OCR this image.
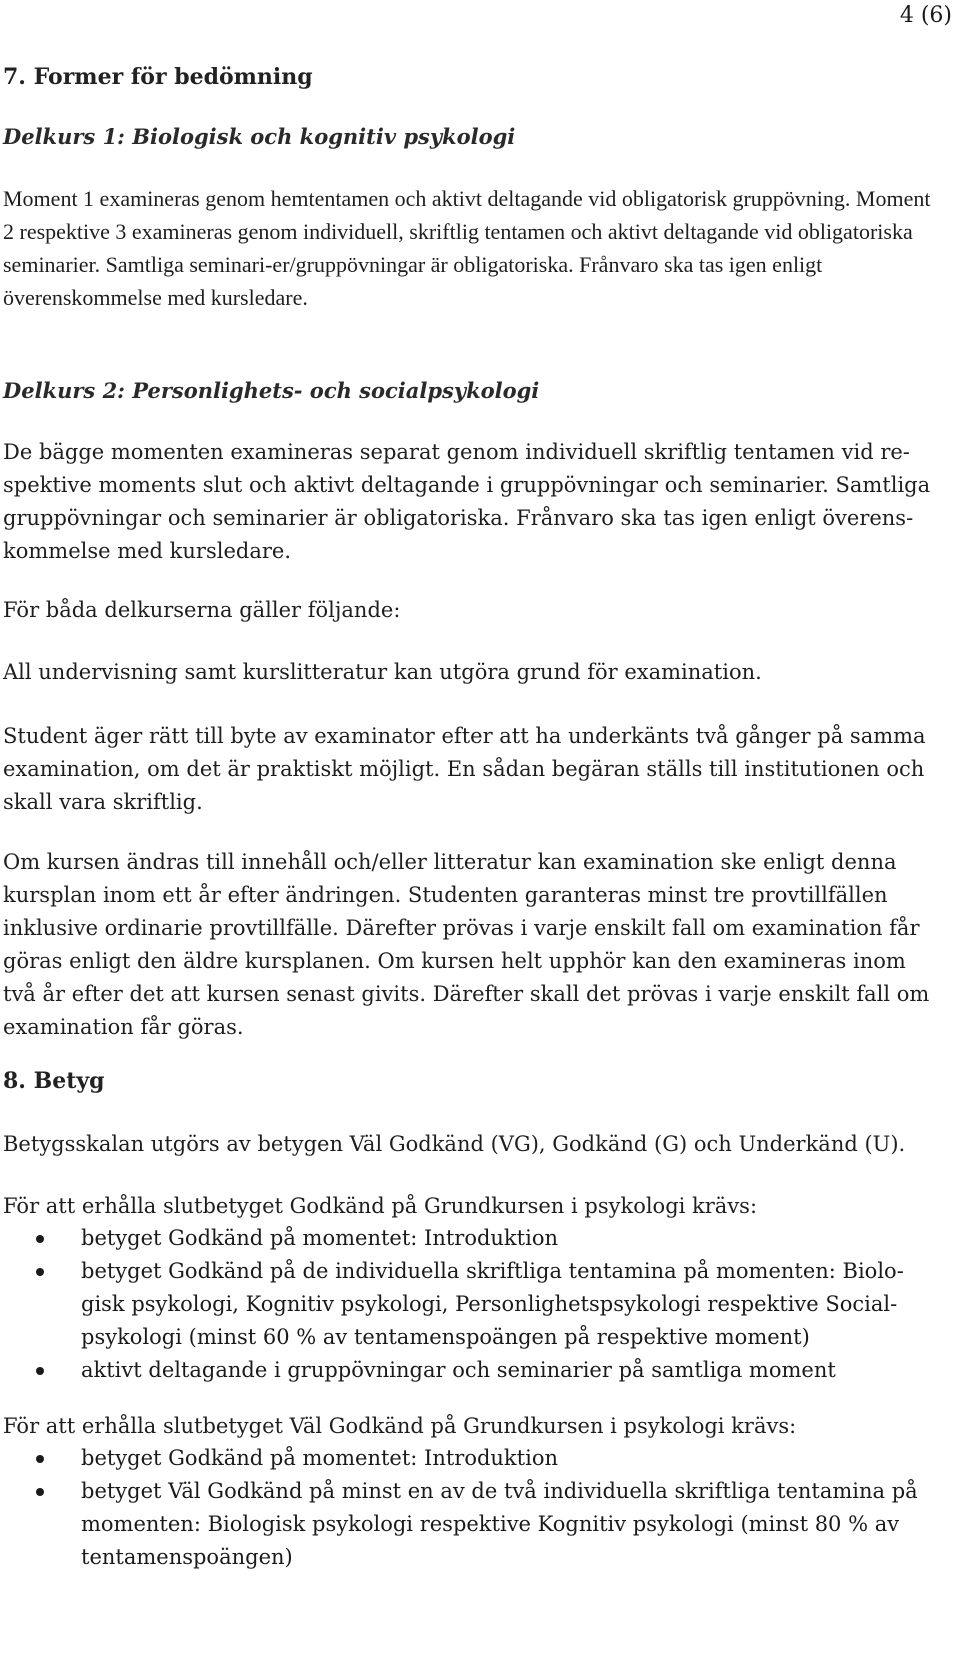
4 (6)
7. Former för bedömning
Delkurs 1: Biologisk och kognitiv psykologi

Moment 1 examineras genom hemtentamen och aktivt deltagande vid obligatorisk gruppövning. Moment 2 respektive 3 examineras genom individuell, skriftlig tentamen och aktivt deltagande vid obligatoriska seminarier. Samtliga seminari-er/gruppövningar är obligatoriska. Frånvaro ska tas igen enligt överenskommelse med kursledare.

Delkurs 2: Personlighets- och socialpsykologi

De bägge momenten examineras separat genom individuell skriftlig tentamen vid re-spektive moments slut och aktivt deltagande i gruppövningar och seminarier. Samtliga gruppövningar och seminarier är obligatoriska. Frånvaro ska tas igen enligt överens-kommelse med kursledare.

För båda delkurserna gäller följande:

All undervisning samt kurslitteratur kan utgöra grund för examination.

Student äger rätt till byte av examinator efter att ha underkänts två gånger på samma examination, om det är praktiskt möjligt. En sådan begäran ställs till institutionen och skall vara skriftlig.

Om kursen ändras till innehåll och/eller litteratur kan examination ske enligt denna kursplan inom ett år efter ändringen. Studenten garanteras minst tre provtillfällen inklusive ordinarie provtillfälle. Därefter prövas i varje enskilt fall om examination får göras enligt den äldre kursplanen. Om kursen helt upphör kan den examineras inom två år efter det att kursen senast givits. Därefter skall det prövas i varje enskilt fall om examination får göras.

8. Betyg

Betygsskalan utgörs av betygen Väl Godkänd (VG), Godkänd (G) och Underkänd (U).

För att erhålla slutbetyget Godkänd på Grundkursen i psykologi krävs:

betyget Godkänd på momentet: Introduktion
betyget Godkänd på de individuella skriftliga tentamina på momenten: Biolo-gisk psykologi, Kognitiv psykologi, Personlighetspsykologi respektive Social-psykologi (minst 60 % av tentamenspoängen på respektive moment)
aktivt deltagande i gruppövningar och seminarier på samtliga moment

För att erhålla slutbetyget Väl Godkänd på Grundkursen i psykologi krävs:

betyget Godkänd på momentet: Introduktion
betyget Väl Godkänd på minst en av de två individuella skriftliga tentamina på momenten: Biologisk psykologi respektive Kognitiv psykologi (minst 80 % av tentamenspoängen)
